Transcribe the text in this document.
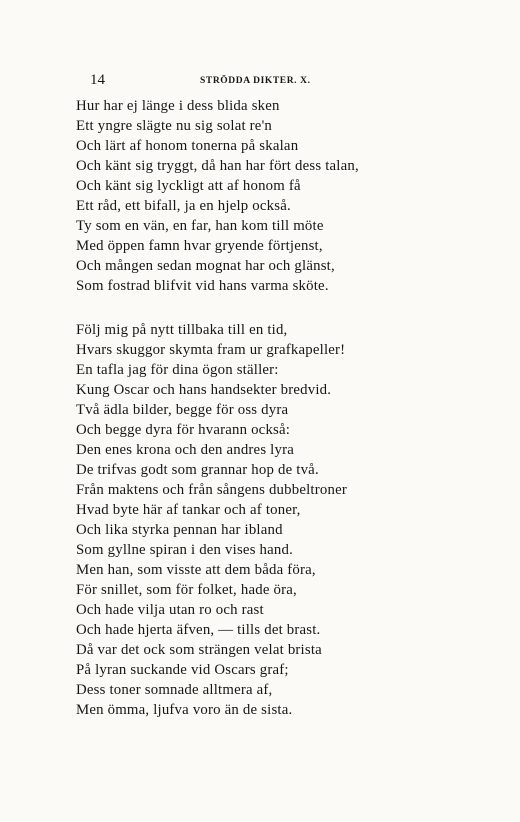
14	STRÖDDA DIKTER. X.
Hur har ej länge i dess blida sken
Ett yngre slägte nu sig solat re'n
Och lärt af honom tonerna på skalan
Och känt sig tryggt, då han har fört dess talan,
Och känt sig lyckligt att af honom få
Ett råd, ett bifall, ja en hjelp också.
Ty som en vän, en far, han kom till möte
Med öppen famn hvar gryende förtjenst,
Och mången sedan mognat har och glänst,
Som fostrad blifvit vid hans varma sköte.
Följ mig på nytt tillbaka till en tid,
Hvars skuggor skymta fram ur grafkapeller!
En tafla jag för dina ögon ställer:
Kung Oscar och hans handsekter bredvid.
Två ädla bilder, begge för oss dyra
Och begge dyra för hvarann också:
Den enes krona och den andres lyra
De trifvas godt som grannar hop de två.
Från maktens och från sångens dubbeltroner
Hvad byte här af tankar och af toner,
Och lika styrka pennan har ibland
Som gyllne spiran i den vises hand.
Men han, som visste att dem båda föra,
För snillet, som för folket, hade öra,
Och hade vilja utan ro och rast
Och hade hjerta äfven, — tills det brast.
Då var det ock som strängen velat brista
På lyran suckande vid Oscars graf;
Dess toner somnade alltmera af,
Men ömma, ljufva voro än de sista.
